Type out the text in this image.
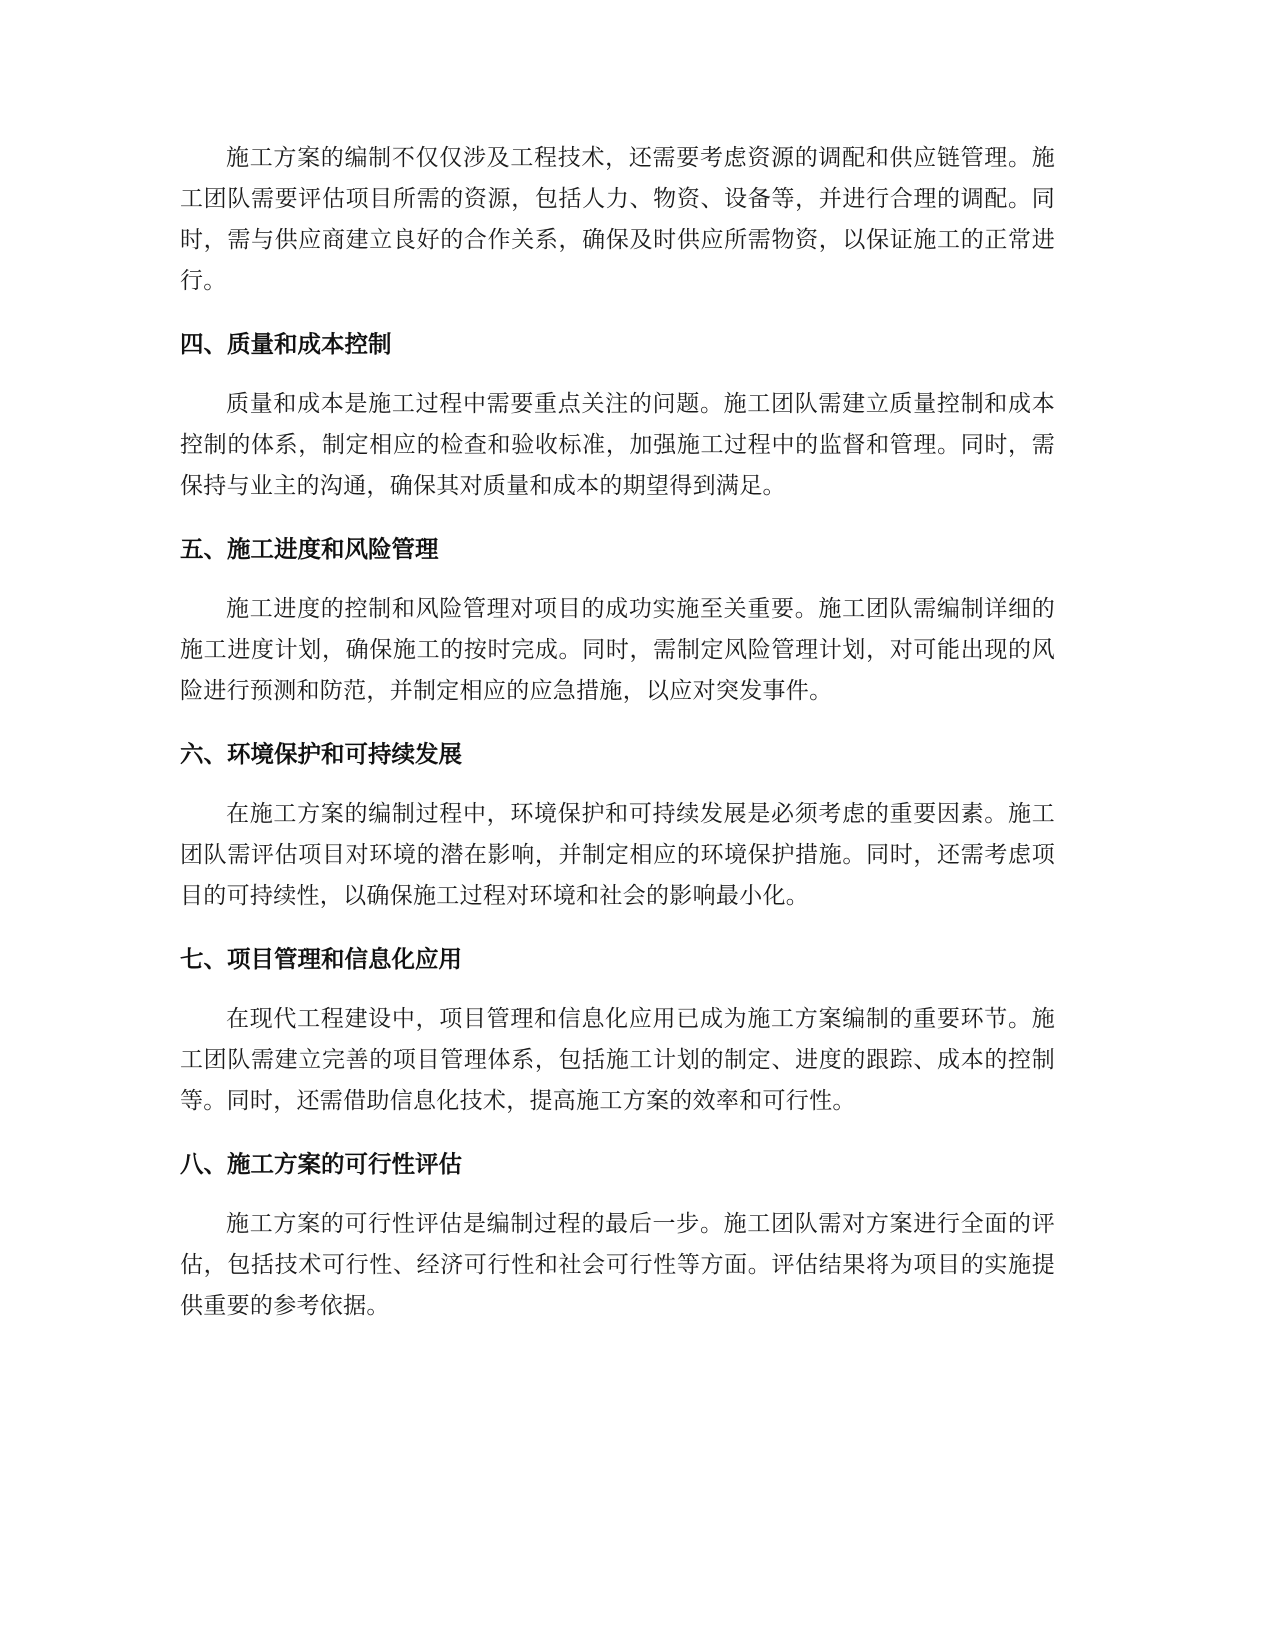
施工方案的编制不仅仅涉及工程技术，还需要考虑资源的调配和供应链管理。施工团队需要评估项目所需的资源，包括人力、物资、设备等，并进行合理的调配。同时，需与供应商建立良好的合作关系，确保及时供应所需物资，以保证施工的正常进行。

四、质量和成本控制

质量和成本是施工过程中需要重点关注的问题。施工团队需建立质量控制和成本控制的体系，制定相应的检查和验收标准，加强施工过程中的监督和管理。同时，需保持与业主的沟通，确保其对质量和成本的期望得到满足。

五、施工进度和风险管理

施工进度的控制和风险管理对项目的成功实施至关重要。施工团队需编制详细的施工进度计划，确保施工的按时完成。同时，需制定风险管理计划，对可能出现的风险进行预测和防范，并制定相应的应急措施，以应对突发事件。

六、环境保护和可持续发展

在施工方案的编制过程中，环境保护和可持续发展是必须考虑的重要因素。施工团队需评估项目对环境的潜在影响，并制定相应的环境保护措施。同时，还需考虑项目的可持续性，以确保施工过程对环境和社会的影响最小化。

七、项目管理和信息化应用

在现代工程建设中，项目管理和信息化应用已成为施工方案编制的重要环节。施工团队需建立完善的项目管理体系，包括施工计划的制定、进度的跟踪、成本的控制等。同时，还需借助信息化技术，提高施工方案的效率和可行性。

八、施工方案的可行性评估

施工方案的可行性评估是编制过程的最后一步。施工团队需对方案进行全面的评估，包括技术可行性、经济可行性和社会可行性等方面。评估结果将为项目的实施提供重要的参考依据。
